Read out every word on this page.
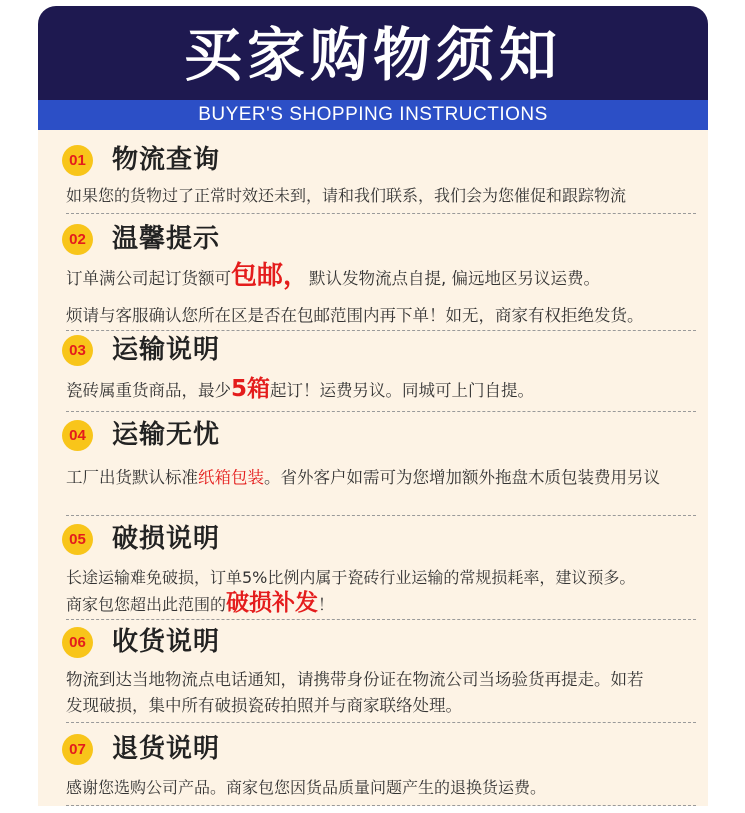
买家购物须知
BUYER'S SHOPPING INSTRUCTIONS
01 物流查询
如果您的货物过了正常时效还未到，请和我们联系，我们会为您催促和跟踪物流
02 温馨提示
订单满公司起订货额可包邮，默认发物流点自提, 偏远地区另议运费。
烦请与客服确认您所在区是否在包邮范围内再下单！如无，商家有权拒绝发货。
03 运输说明
瓷砖属重货商品，最少5箱起订！运费另议。同城可上门自提。
04 运输无忧
工厂出货默认标准纸箱包装。省外客户如需可为您增加额外拖盘木质包装费用另议
05 破损说明
长途运输难免破损，订单5%比例内属于瓷砖行业运输的常规损耗率，建议预多。
商家包您超出此范围的破损补发！
06 收货说明
物流到达当地物流点电话通知，请携带身份证在物流公司当场验货再提走。如若
发现破损，集中所有破损瓷砖拍照并与商家联络处理。
07 退货说明
感谢您选购公司产品。商家包您因货品质量问题产生的退换货运费。
